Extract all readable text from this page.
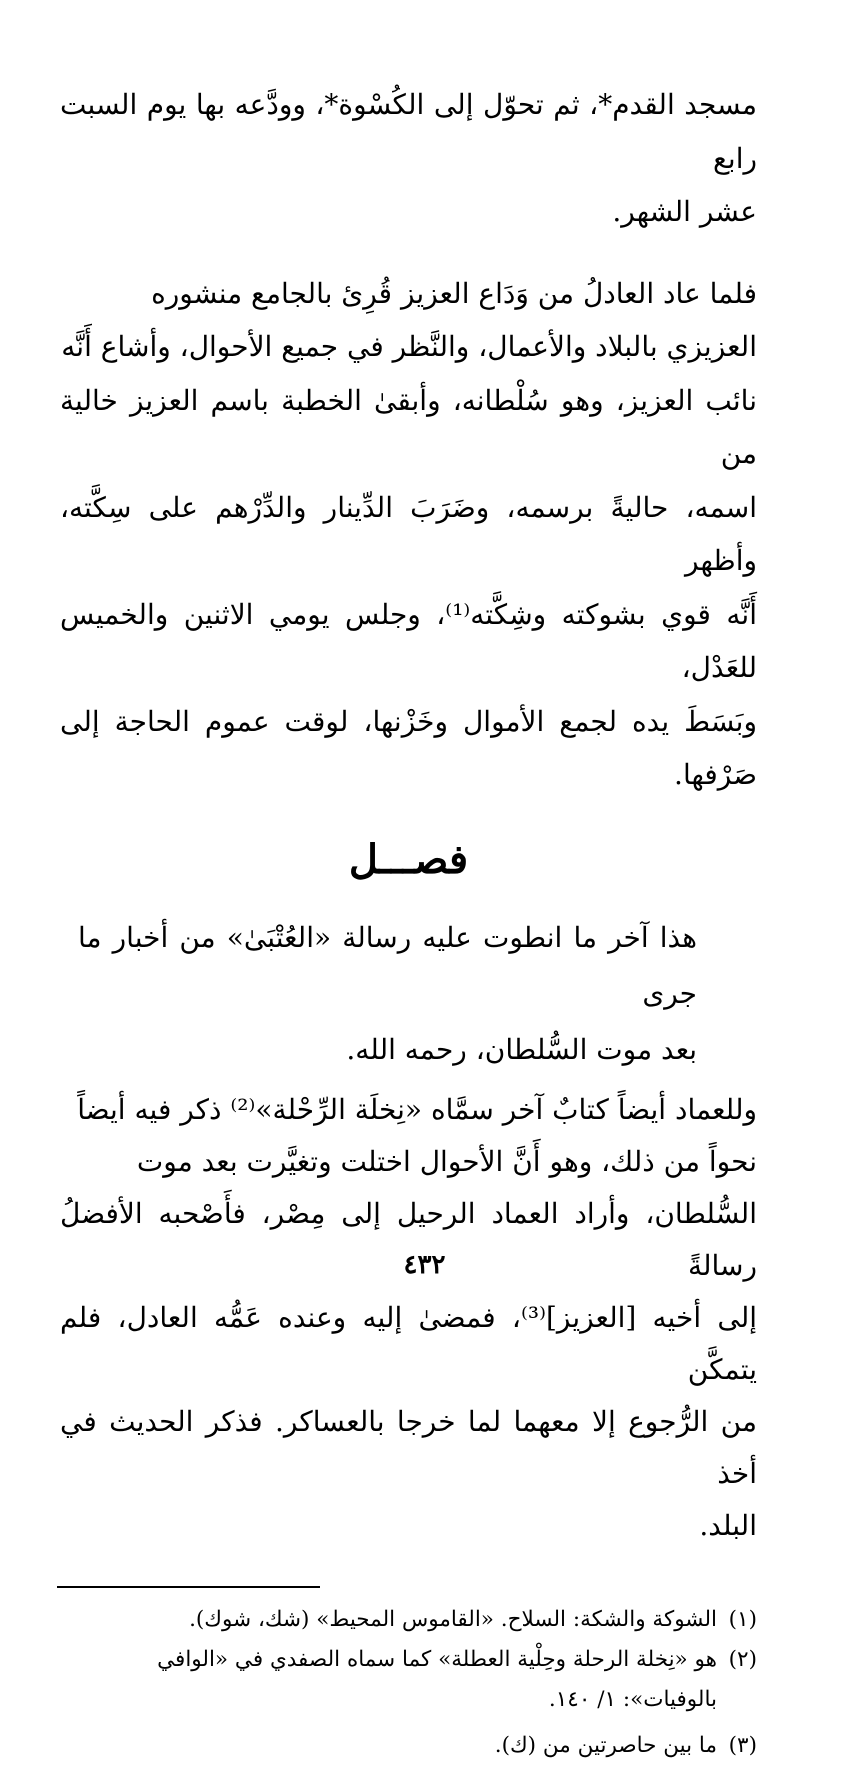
مسجد القدم*، ثم تحوّل إلى الكُسْوة*، وودَّعه بها يوم السبت رابع
عشر الشهر.

فلما عاد العادلُ من وَدَاع العزيز قُرِئ بالجامع منشوره
العزيزي بالبلاد والأعمال، والنَّظر في جميع الأحوال، وأشاع أَنَّه
نائب العزيز، وهو سُلْطانه، وأبقىٰ الخطبة باسم العزيز خالية من
اسمه، حاليةً برسمه، وضَرَبَ الدِّينار والدِّرْهم على سِكَّته، وأظهر
أَنَّه قوي بشوكته وشِكَّته⁽¹⁾، وجلس يومي الاثنين والخميس للعَدْل،
وبَسَطَ يده لجمع الأموال وخَزْنها، لوقت عموم الحاجة إلى صَرْفها.

فصـــل

هذا آخر ما انطوت عليه رسالة «العُتْبَىٰ» من أخبار ما جرى
بعد موت السُّلطان، رحمه الله.

وللعماد أيضاً كتابٌ آخر سمَّاه «نِخلَة الرِّحْلة»⁽²⁾ ذكر فيه أيضاً
نحواً من ذلك، وهو أَنَّ الأحوال اختلت وتغيَّرت بعد موت
السُّلطان، وأراد العماد الرحيل إلى مِصْر، فأَصْحبه الأفضلُ رسالةً
إلى أخيه [العزيز]⁽³⁾، فمضىٰ إليه وعنده عَمُّه العادل، فلم يتمكَّن
من الرُّجوع إلا معهما لما خرجا بالعساكر. فذكر الحديث في أخذ
البلد.

(١)
الشوكة والشكة: السلاح. «القاموس المحيط» (شك، شوك).
(٢)
هو «نِخلة الرحلة وحِلْية العطلة» كما سماه الصفدي في «الوافي
بالوفيات»: ١/ ١٤٠.
(٣)
ما بين حاصرتين من (ك).
٤٣٢
